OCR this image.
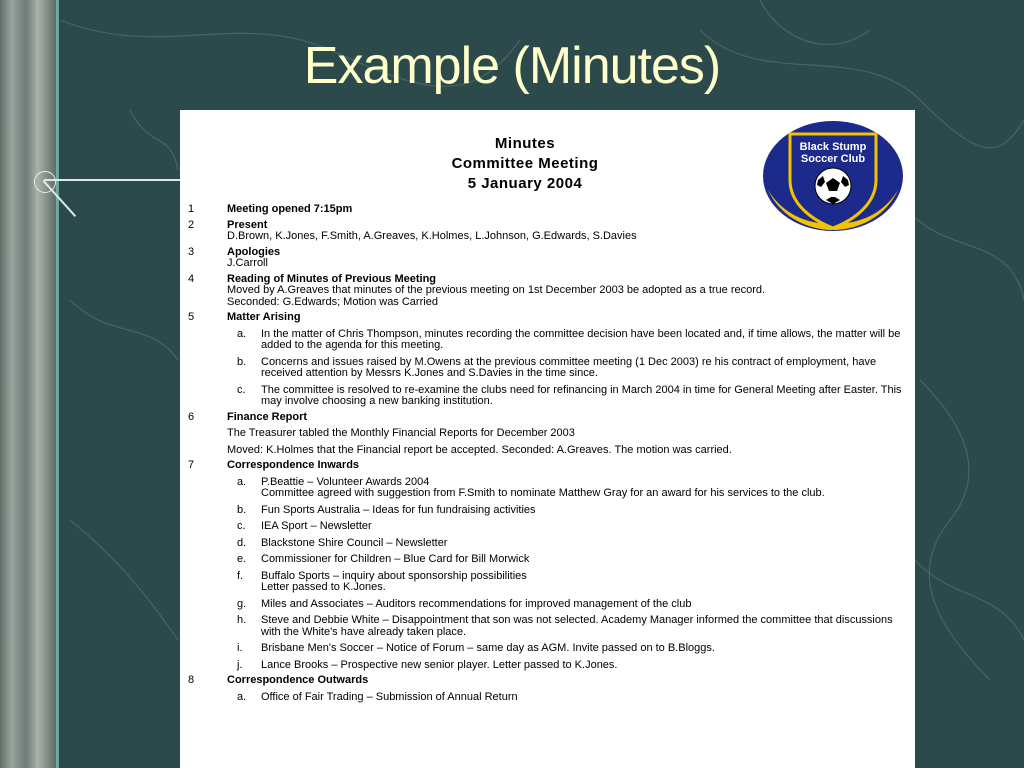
Example (Minutes)
Minutes
Committee Meeting
5 January 2004
Black Stump
Soccer Club
1	Meeting opened 7:15pm
2	Present
D.Brown, K.Jones, F.Smith, A.Greaves, K.Holmes, L.Johnson, G.Edwards, S.Davies
3	Apologies
J.Carroll
4	Reading of Minutes of Previous Meeting
Moved by A.Greaves that minutes of the previous meeting on 1st December 2003 be adopted as a true record.
Seconded: G.Edwards; Motion was Carried
5	Matter Arising
a. In the matter of Chris Thompson, minutes recording the committee decision have been located and, if time allows, the matter will be added to the agenda for this meeting.
b. Concerns and issues raised by M.Owens at the previous committee meeting (1 Dec 2003) re his contract of employment, have received attention by Messrs K.Jones and S.Davies in the time since.
c. The committee is resolved to re-examine the clubs need for refinancing in March 2004 in time for General Meeting after Easter. This may involve choosing a new banking institution.
6	Finance Report
The Treasurer tabled the Monthly Financial Reports for December 2003
Moved: K.Holmes that the Financial report be accepted. Seconded: A.Greaves. The motion was carried.
7	Correspondence Inwards
a. P.Beattie – Volunteer Awards 2004
Committee agreed with suggestion from F.Smith to nominate Matthew Gray for an award for his services to the club.
b. Fun Sports Australia – Ideas for fun fundraising activities
c. IEA Sport – Newsletter
d. Blackstone Shire Council – Newsletter
e. Commissioner for Children – Blue Card for Bill Morwick
f. Buffalo Sports – inquiry about sponsorship possibilities
Letter passed to K.Jones.
g. Miles and Associates – Auditors recommendations for improved management of the club
h. Steve and Debbie White – Disappointment that son was not selected. Academy Manager informed the committee that discussions with the White's have already taken place.
i. Brisbane Men's Soccer – Notice of Forum – same day as AGM. Invite passed on to B.Bloggs.
j. Lance Brooks – Prospective new senior player. Letter passed to K.Jones.
8	Correspondence Outwards
a. Office of Fair Trading – Submission of Annual Return
